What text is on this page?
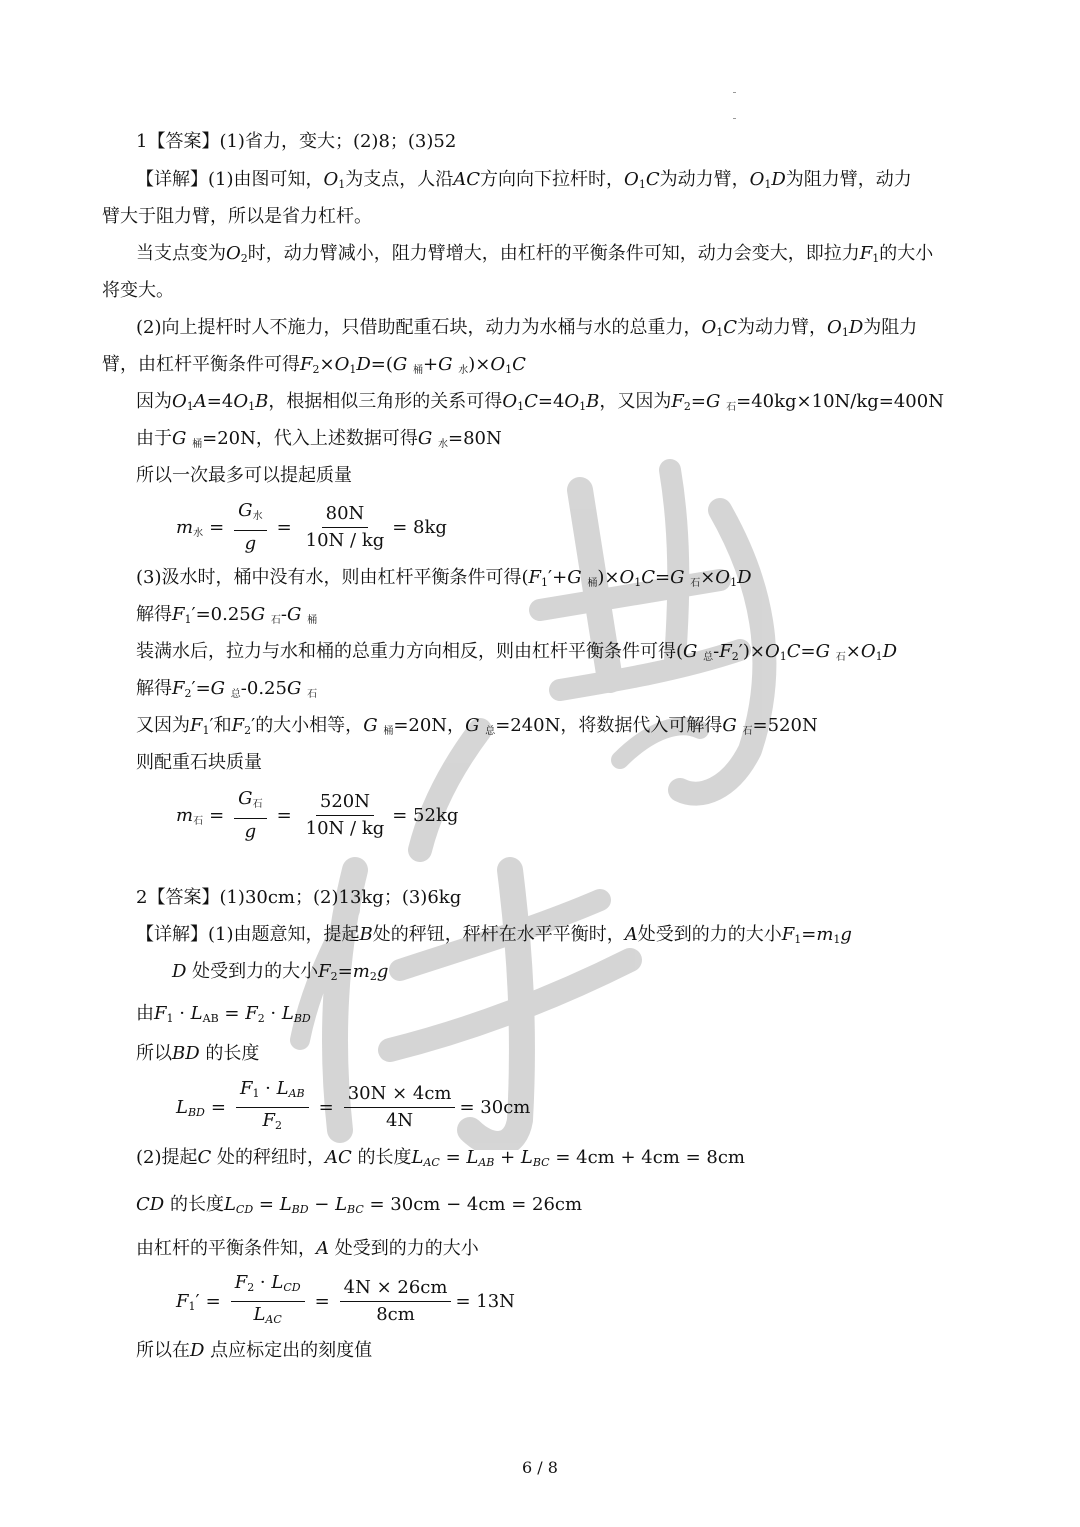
1【答案】(1)省力，变大；(2)8；(3)52
【详解】(1)由图可知，$O_1$为支点，人沿AC方向向下拉杆时，$O_1C$为动力臂，$O_1D$为阻力臂，动力
臂大于阻力臂，所以是省力杠杆。
当支点变为$O_2$时，动力臂减小，阻力臂增大，由杠杆的平衡条件可知，动力会变大，即拉力$F_1$的大小
将变大。
(2)向上提杆时人不施力，只借助配重石块，动力为水桶与水的总重力，$O_1C$为动力臂，$O_1D$为阻力
臂，由杠杆平衡条件可得$F_2\times O_1D=(G$ 桶+G 水)$\times O_1C$
因为$O_1A=4O_1B$，根据相似三角形的关系可得$O_1C=4O_1B$，又因为$F_2=G$ 石=40kg×10N/kg=400N
由于G 桶=20N，代入上述数据可得G 水=80N
所以一次最多可以提起质量
m水 = $\frac{\text{G水}}{g} = \frac{80N}{10N / kg} = 8kg$
(3)汲水时，桶中没有水，则由杠杆平衡条件可得($F_1'+G$ 桶)$\times O_1C=G$ 石$\times O_1D$
解得$F_1'=0.25G$ 石-G 桶
装满水后，拉力与水和桶的总重力方向相反，则由杠杆平衡条件可得(G 总$-F_2')\times O_1C=G$ 石$\times O_1D$
解得$F_2'=G$ 总-0.25G 石
又因为$F_1'$和$F_2'$的大小相等，G 桶=20N，G 总=240N，将数据代入可解得G 石=520N
则配重石块质量
m石 = $\frac{\text{G石}}{g} = \frac{520N}{10N / kg} = 52kg$
2【答案】(1)30cm；(2)13kg；(3)6kg
【详解】(1)由题意知，提起B处的秤钮，秤杆在水平平衡时，A处受到的力的大小$F_1=m_1g$
D 处受到力的大小$F_2=m_2g$
由$F_1 \cdot L_{AB} = F_2 \cdot L_{BD}$
所以BD 的长度
$L_{BD} = \frac{F_1 \cdot L_{AB}}{F_2} = \frac{30N \times 4cm}{4N} = 30cm$
(2)提起C 处的秤纽时，AC 的长度$L_{AC} = L_{AB} + L_{BC} = 4cm + 4cm = 8cm$
CD 的长度$L_{CD} = L_{BD} - L_{BC} = 30cm - 4cm = 26cm$
由杠杆的平衡条件知，A 处受到的力的大小
$F_1' = \frac{F_2 \cdot L_{CD}}{L_{AC}} = \frac{4N \times 26cm}{8cm} = 13N$
所以在D 点应标定出的刻度值
6 / 8
